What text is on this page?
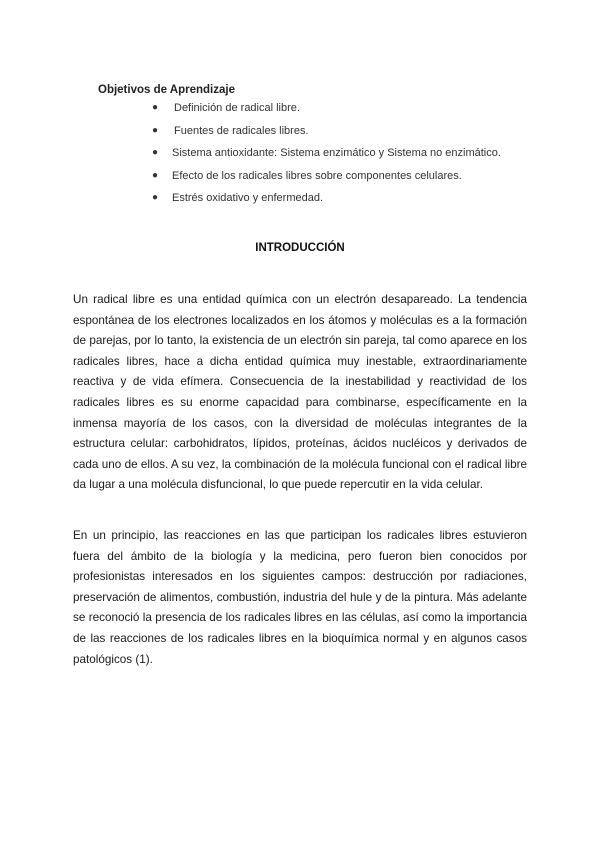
Objetivos de Aprendizaje
● Definición de radical libre.
● Fuentes de radicales libres.
● Sistema antioxidante: Sistema enzimático y Sistema no enzimático.
● Efecto de los radicales libres sobre componentes celulares.
● Estrés oxidativo y enfermedad.
INTRODUCCIÓN

Un radical libre es una entidad química con un electrón desapareado. La tendencia espontánea de los electrones localizados en los átomos y moléculas es a la formación de parejas, por lo tanto, la existencia de un electrón sin pareja, tal como aparece en los radicales libres, hace a dicha entidad química muy inestable, extraordinariamente reactiva y de vida efímera. Consecuencia de la inestabilidad y reactividad de los radicales libres es su enorme capacidad para combinarse, específicamente en la inmensa mayoría de los casos, con la diversidad de moléculas integrantes de la estructura celular: carbohidratos, lípidos, proteínas, ácidos nucléicos y derivados de cada uno de ellos. A su vez, la combinación de la molécula funcional con el radical libre da lugar a una molécula disfuncional, lo que puede repercutir en la vida celular.

En un principio, las reacciones en las que participan los radicales libres estuvieron fuera del ámbito de la biología y la medicina, pero fueron bien conocidos por profesionistas interesados en los siguientes campos: destrucción por radiaciones, preservación de alimentos, combustión, industria del hule y de la pintura. Más adelante se reconoció la presencia de los radicales libres en las células, así como la importancia de las reacciones de los radicales libres en la bioquímica normal y en algunos casos patológicos (1).
